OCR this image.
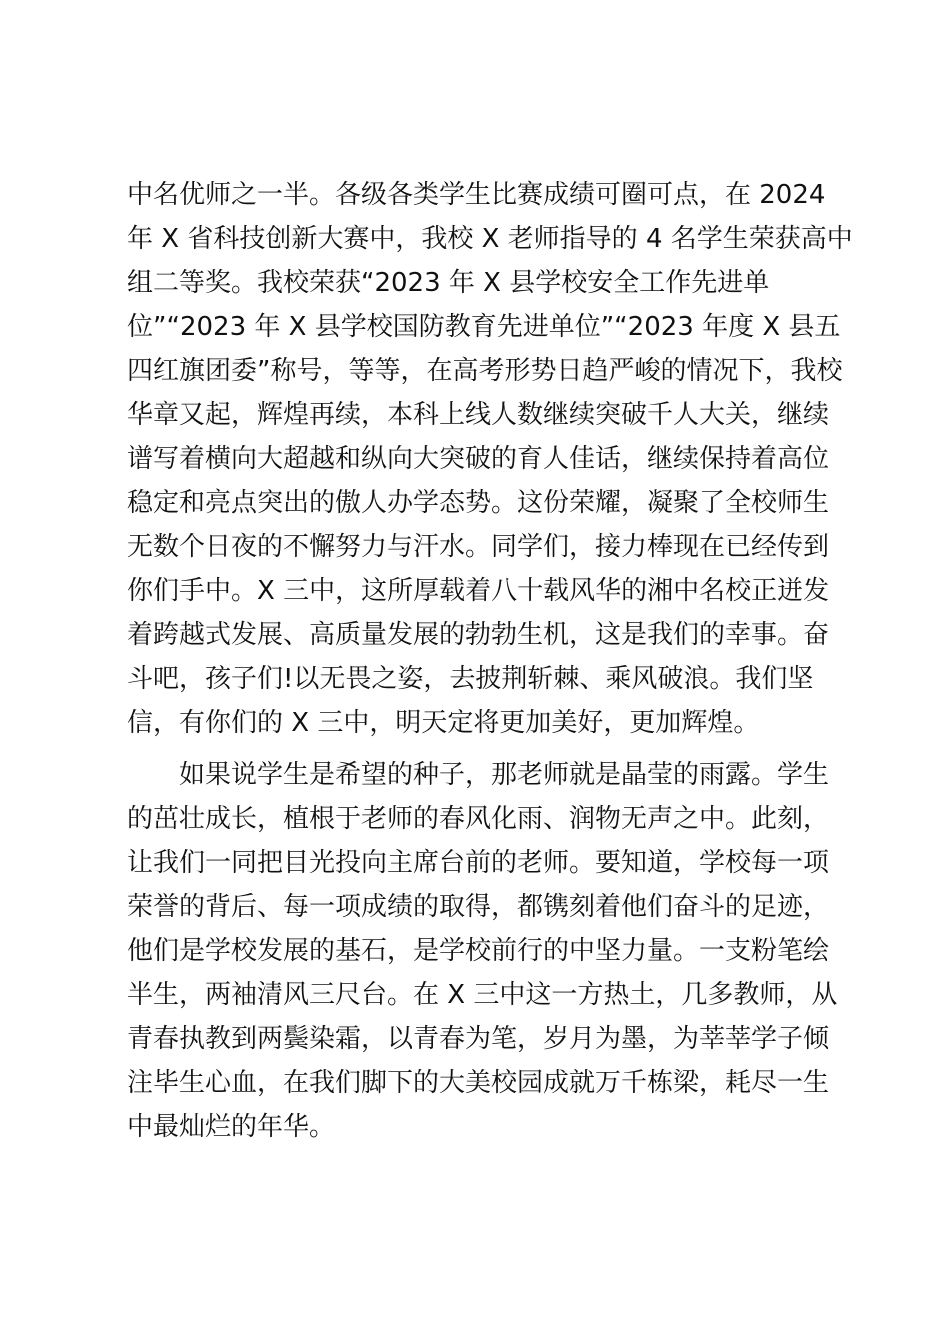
中名优师之一半。各级各类学生比赛成绩可圈可点，在 2024
年 X 省科技创新大赛中，我校 X 老师指导的 4 名学生荣获高中
组二等奖。我校荣获“2023 年 X 县学校安全工作先进单
位”“2023 年 X 县学校国防教育先进单位”“2023 年度 X 县五
四红旗团委”称号，等等，在高考形势日趋严峻的情况下，我校
华章又起，辉煌再续，本科上线人数继续突破千人大关，继续
谱写着横向大超越和纵向大突破的育人佳话，继续保持着高位
稳定和亮点突出的傲人办学态势。这份荣耀，凝聚了全校师生
无数个日夜的不懈努力与汗水。同学们，接力棒现在已经传到
你们手中。X 三中，这所厚载着八十载风华的湘中名校正迸发
着跨越式发展、高质量发展的勃勃生机，这是我们的幸事。奋
斗吧，孩子们!以无畏之姿，去披荆斩棘、乘风破浪。我们坚
信，有你们的 X 三中，明天定将更加美好，更加辉煌。
如果说学生是希望的种子，那老师就是晶莹的雨露。学生
的茁壮成长，植根于老师的春风化雨、润物无声之中。此刻，
让我们一同把目光投向主席台前的老师。要知道，学校每一项
荣誉的背后、每一项成绩的取得，都镌刻着他们奋斗的足迹，
他们是学校发展的基石，是学校前行的中坚力量。一支粉笔绘
半生，两袖清风三尺台。在 X 三中这一方热土，几多教师，从
青春执教到两鬓染霜，以青春为笔，岁月为墨，为莘莘学子倾
注毕生心血，在我们脚下的大美校园成就万千栋梁，耗尽一生
中最灿烂的年华。
